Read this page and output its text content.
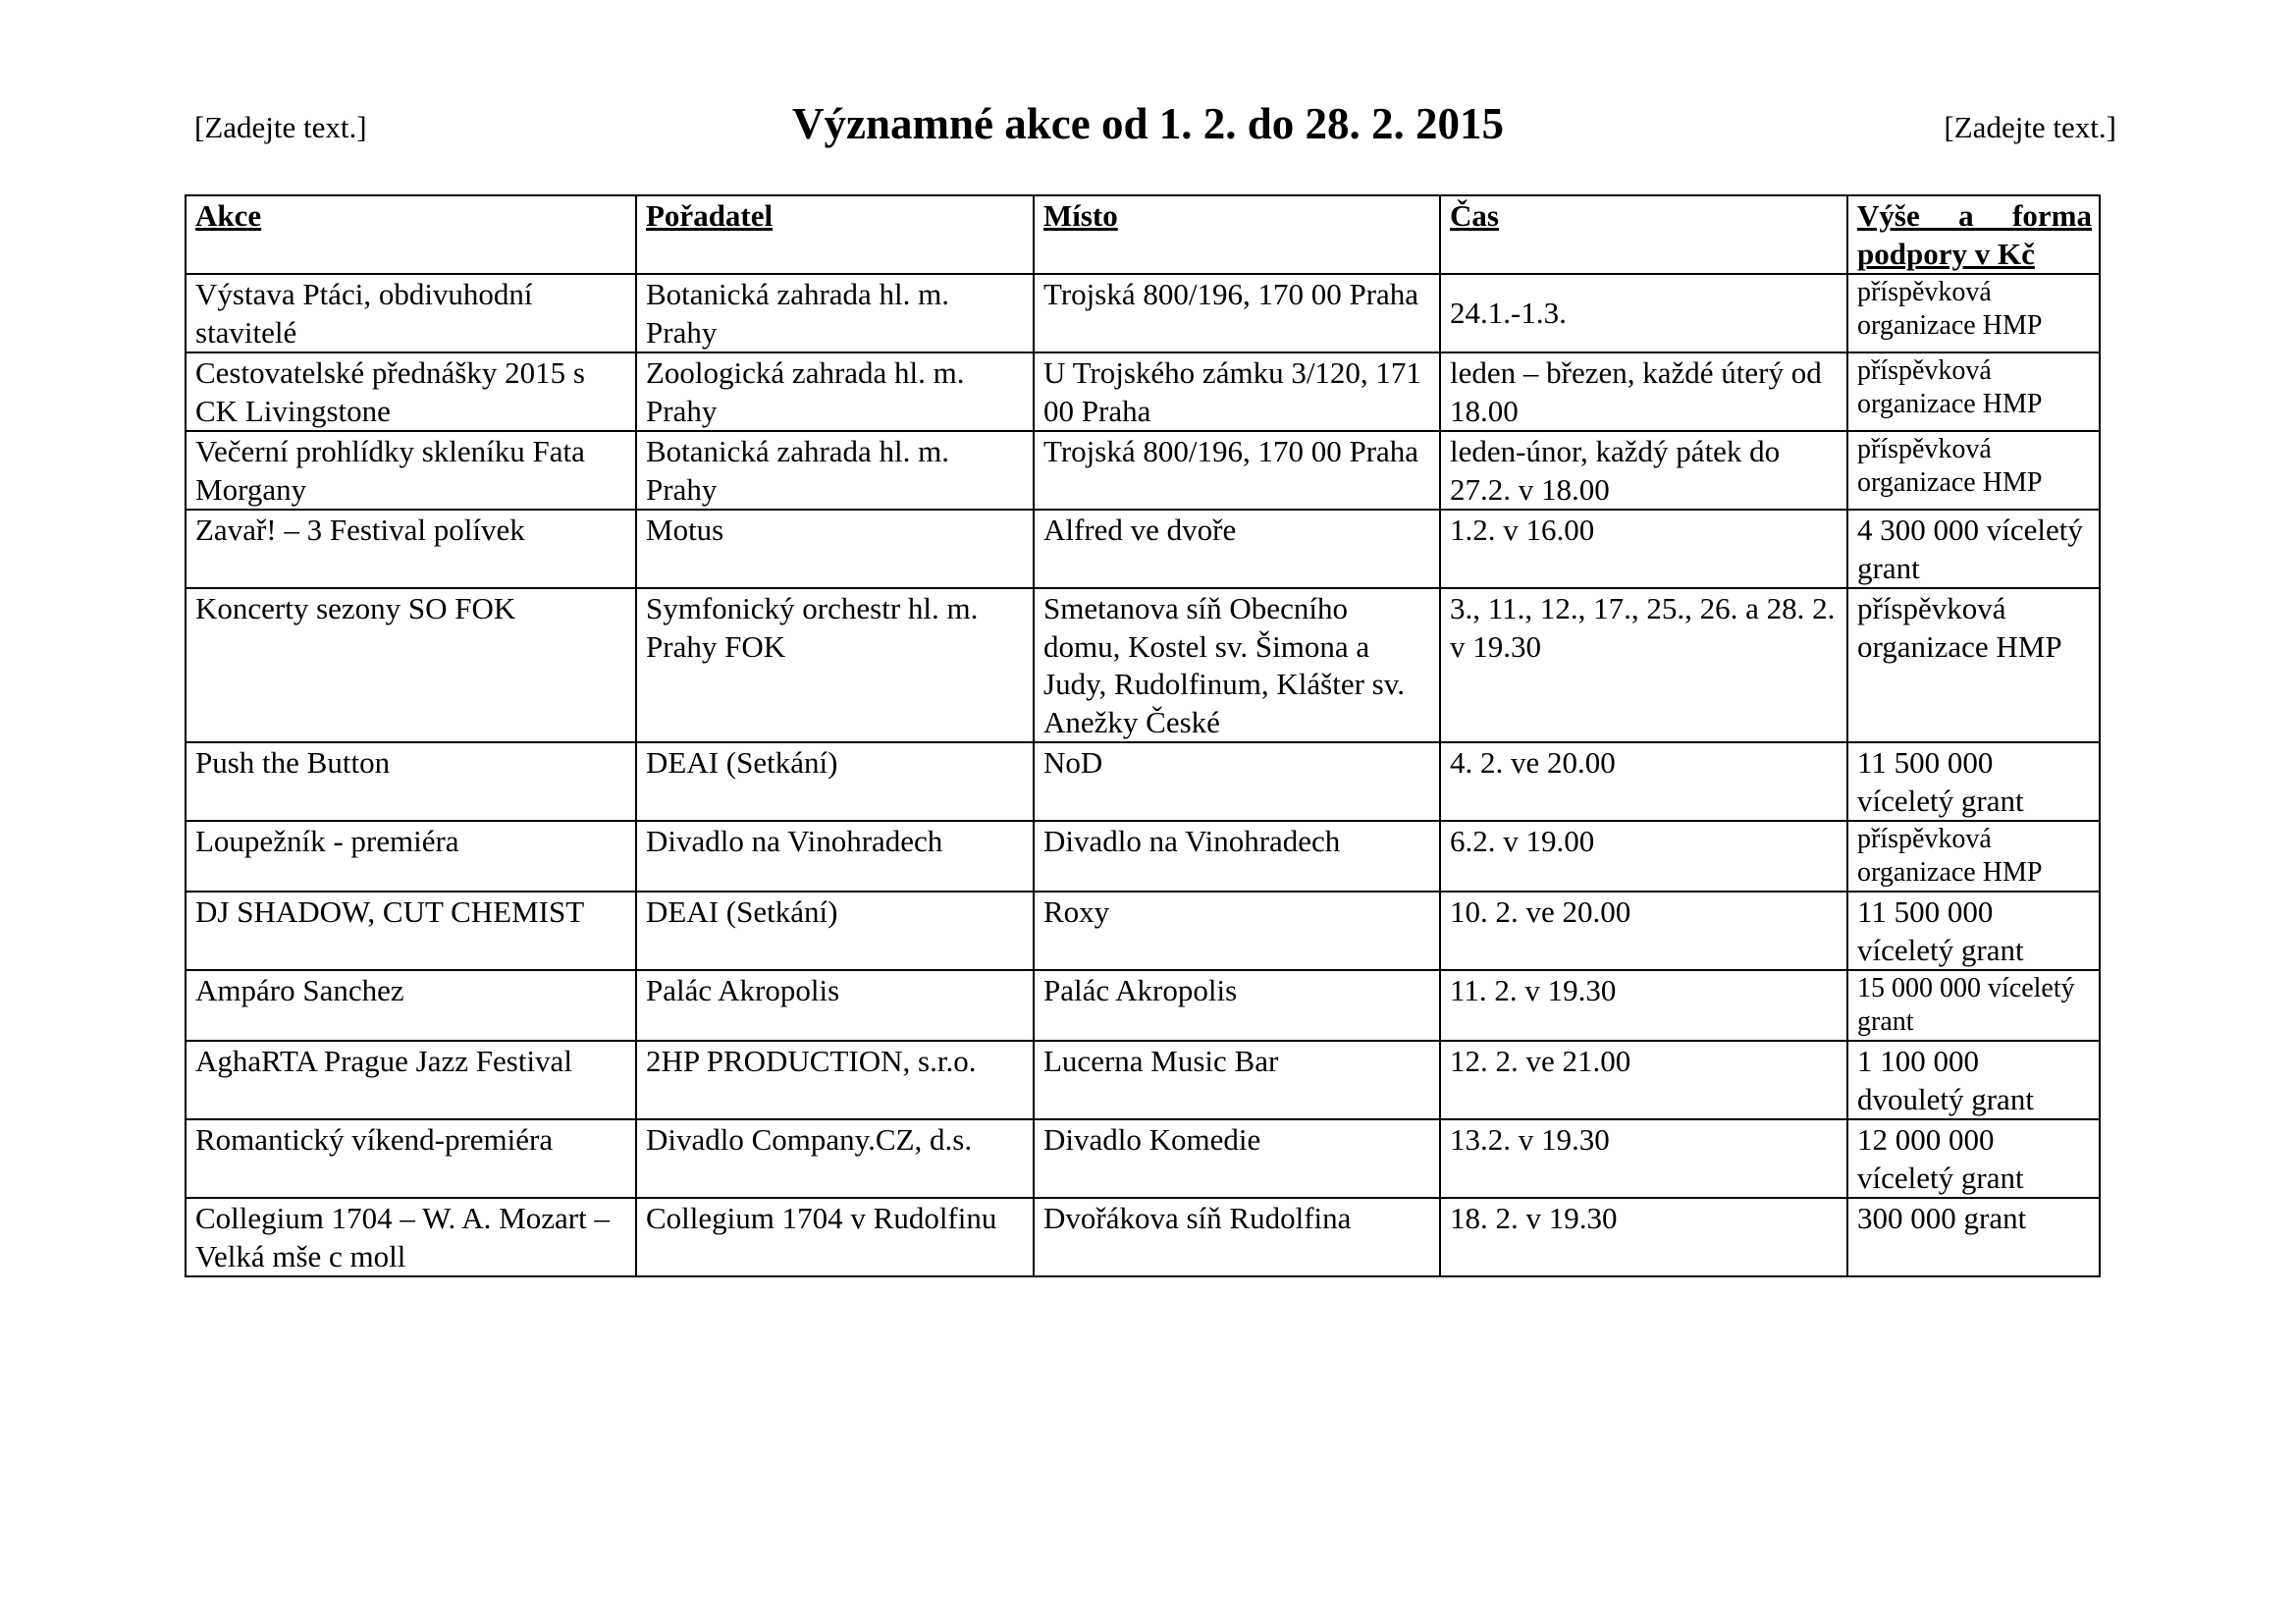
[Zadejte text.]	Významné akce od 1. 2. do 28. 2. 2015	[Zadejte text.]
Akce	Pořadatel	Místo	Čas	Výše a forma podpory v Kč
Výstava Ptáci, obdivuhodní stavitelé	Botanická zahrada hl. m. Prahy	Trojská 800/196, 170 00 Praha	24.1.-1.3.	příspěvková organizace HMP
Cestovatelské přednášky 2015 s CK Livingstone	Zoologická zahrada hl. m. Prahy	U Trojského zámku 3/120, 171 00 Praha	leden – březen, každé úterý od 18.00	příspěvková organizace HMP
Večerní prohlídky skleníku Fata Morgany	Botanická zahrada hl. m. Prahy	Trojská 800/196, 170 00 Praha	leden-únor, každý pátek do 27.2. v 18.00	příspěvková organizace HMP
Zavař! – 3 Festival polívek	Motus	Alfred ve dvoře	1.2. v 16.00	4 300 000 víceletý grant
Koncerty sezony SO FOK	Symfonický orchestr hl. m. Prahy FOK	Smetanova síň Obecního domu, Kostel sv. Šimona a Judy, Rudolfinum, Klášter sv. Anežky České	3., 11., 12., 17., 25., 26. a 28. 2. v 19.30	příspěvková organizace HMP
Push the Button	DEAI (Setkání)	NoD	4. 2. ve 20.00	11 500 000 víceletý grant
Loupežník - premiéra	Divadlo na Vinohradech	Divadlo na Vinohradech	6.2. v 19.00	příspěvková organizace HMP
DJ SHADOW, CUT CHEMIST	DEAI (Setkání)	Roxy	10. 2. ve 20.00	11 500 000 víceletý grant
Ampáro Sanchez	Palác Akropolis	Palác Akropolis	11. 2. v 19.30	15 000 000 víceletý grant
AghaRTA Prague Jazz Festival	2HP PRODUCTION, s.r.o.	Lucerna Music Bar	12. 2. ve 21.00	1 100 000 dvouletý grant
Romantický víkend-premiéra	Divadlo Company.CZ, d.s.	Divadlo Komedie	13.2. v 19.30	12 000 000 víceletý grant
Collegium 1704 – W. A. Mozart – Velká mše c moll	Collegium 1704 v Rudolfinu	Dvořákova síň Rudolfina	18. 2. v 19.30	300 000 grant
